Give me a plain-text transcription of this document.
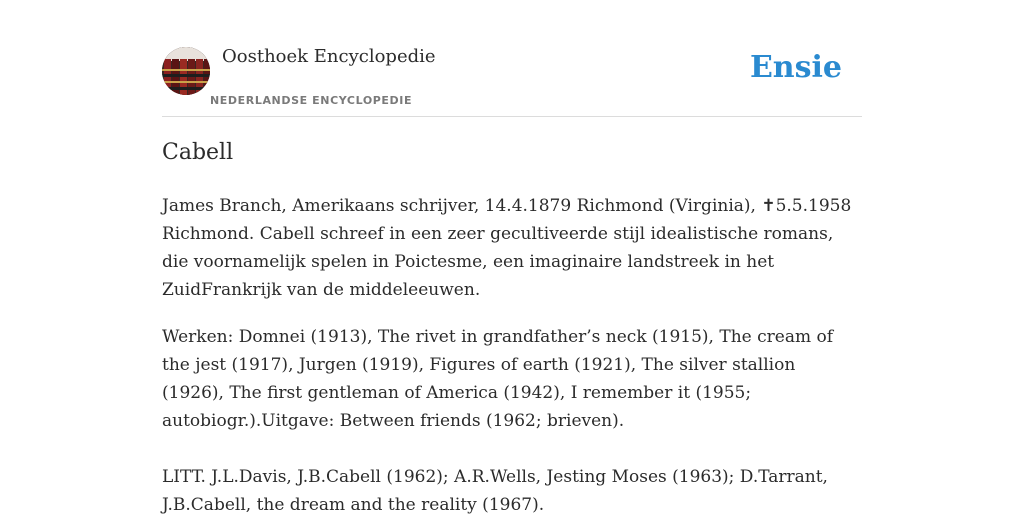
Oosthoek Encyclopedie
NEDERLANDSE ENCYCLOPEDIE
Ensie
Cabell

James Branch, Amerikaans schrijver, 14.4.1879 Richmond (Virginia), ✝5.5.1958 Richmond. Cabell schreef in een zeer gecultiveerde stijl idealistische romans, die voornamelijk spelen in Poictesme, een imaginaire landstreek in het ZuidFrankrijk van de middeleeuwen.

Werken: Domnei (1913), The rivet in grandfather’s neck (1915), The cream of the jest (1917), Jurgen (1919), Figures of earth (1921), The silver stallion (1926), The first gentleman of America (1942), I remember it (1955; autobiogr.).Uitgave: Between friends (1962; brieven).

LITT. J.L.Davis, J.B.Cabell (1962); A.R.Wells, Jesting Moses (1963); D.Tarrant, J.B.Cabell, the dream and the reality (1967).
